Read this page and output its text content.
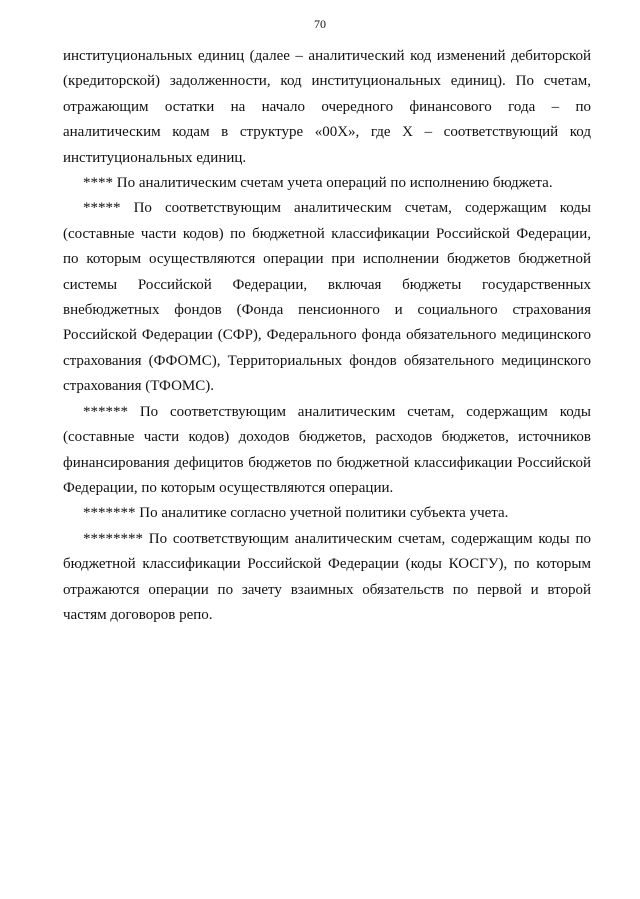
70

институциональных единиц (далее – аналитический код изменений дебиторской (кредиторской) задолженности, код институциональных единиц). По счетам, отражающим остатки на начало очередного финансового года – по аналитическим кодам в структуре «00Х», где Х – соответствующий код институциональных единиц.

**** По аналитическим счетам учета операций по исполнению бюджета.

***** По соответствующим аналитическим счетам, содержащим коды (составные части кодов) по бюджетной классификации Российской Федерации, по которым осуществляются операции при исполнении бюджетов бюджетной системы Российской Федерации, включая бюджеты государственных внебюджетных фондов (Фонда пенсионного и социального страхования Российской Федерации (СФР), Федерального фонда обязательного медицинского страхования (ФФОМС), Территориальных фондов обязательного медицинского страхования (ТФОМС).

****** По соответствующим аналитическим счетам, содержащим коды (составные части кодов) доходов бюджетов, расходов бюджетов, источников финансирования дефицитов бюджетов по бюджетной классификации Российской Федерации, по которым осуществляются операции.

******* По аналитике согласно учетной политики субъекта учета.

******** По соответствующим аналитическим счетам, содержащим коды по бюджетной классификации Российской Федерации (коды КОСГУ), по которым отражаются операции по зачету взаимных обязательств по первой и второй частям договоров репо.
